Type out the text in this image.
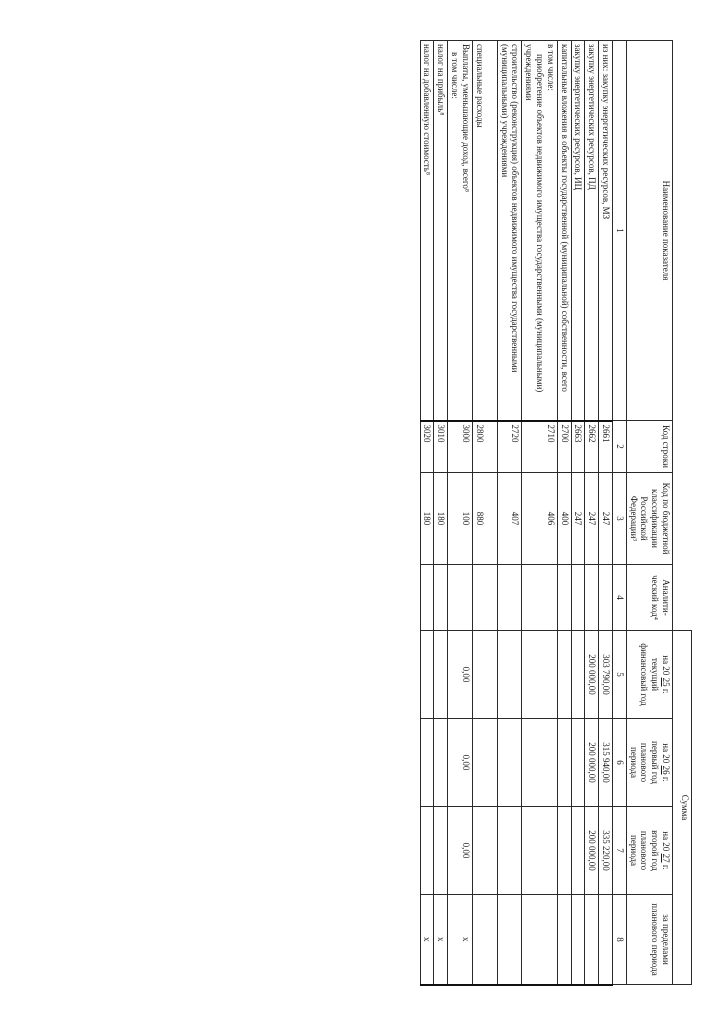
				Сумма			
Наименование показателя	Код строки	Код по бюджетной классификации Российской Федерации³	Аналити-ческий код⁴	на 20 25 г.
текущий
финансовый год	на 20 26 г.
первый год
планового
периода	на 20 27 г.
второй год
планового
периода	за пределами планового периода
1	2	3	4	5	6	7	8
из них: закупку энергетических ресурсов, МЗ	2661	247		303 790,00	315 940,00	335 220,00	
закупку энергетических ресурсов, ПД	2662	247		200 000,00	200 000,00	200 000,00	
закупку энергетических ресурсов, ИЦ	2663	247					
капитальные вложения в объекты государственной (муниципальной) собственности, всего	2700	400					
в том числе:
приобретение объектов недвижимого имущества государственными (муниципальными) учреждениями	2710	406					
строительство (реконструкция) объектов недвижимого имущества государственными (муниципальными) учреждениями	2720	407					
специальные расходы	2800	880					
Выплаты, уменьшающие доход, всего⁸
в том числе:	3000	100		0,00	0,00	0,00	x
налог на прибыль⁸	3010	180					x
налог на добавленную стоимость⁸	3020	180					x
